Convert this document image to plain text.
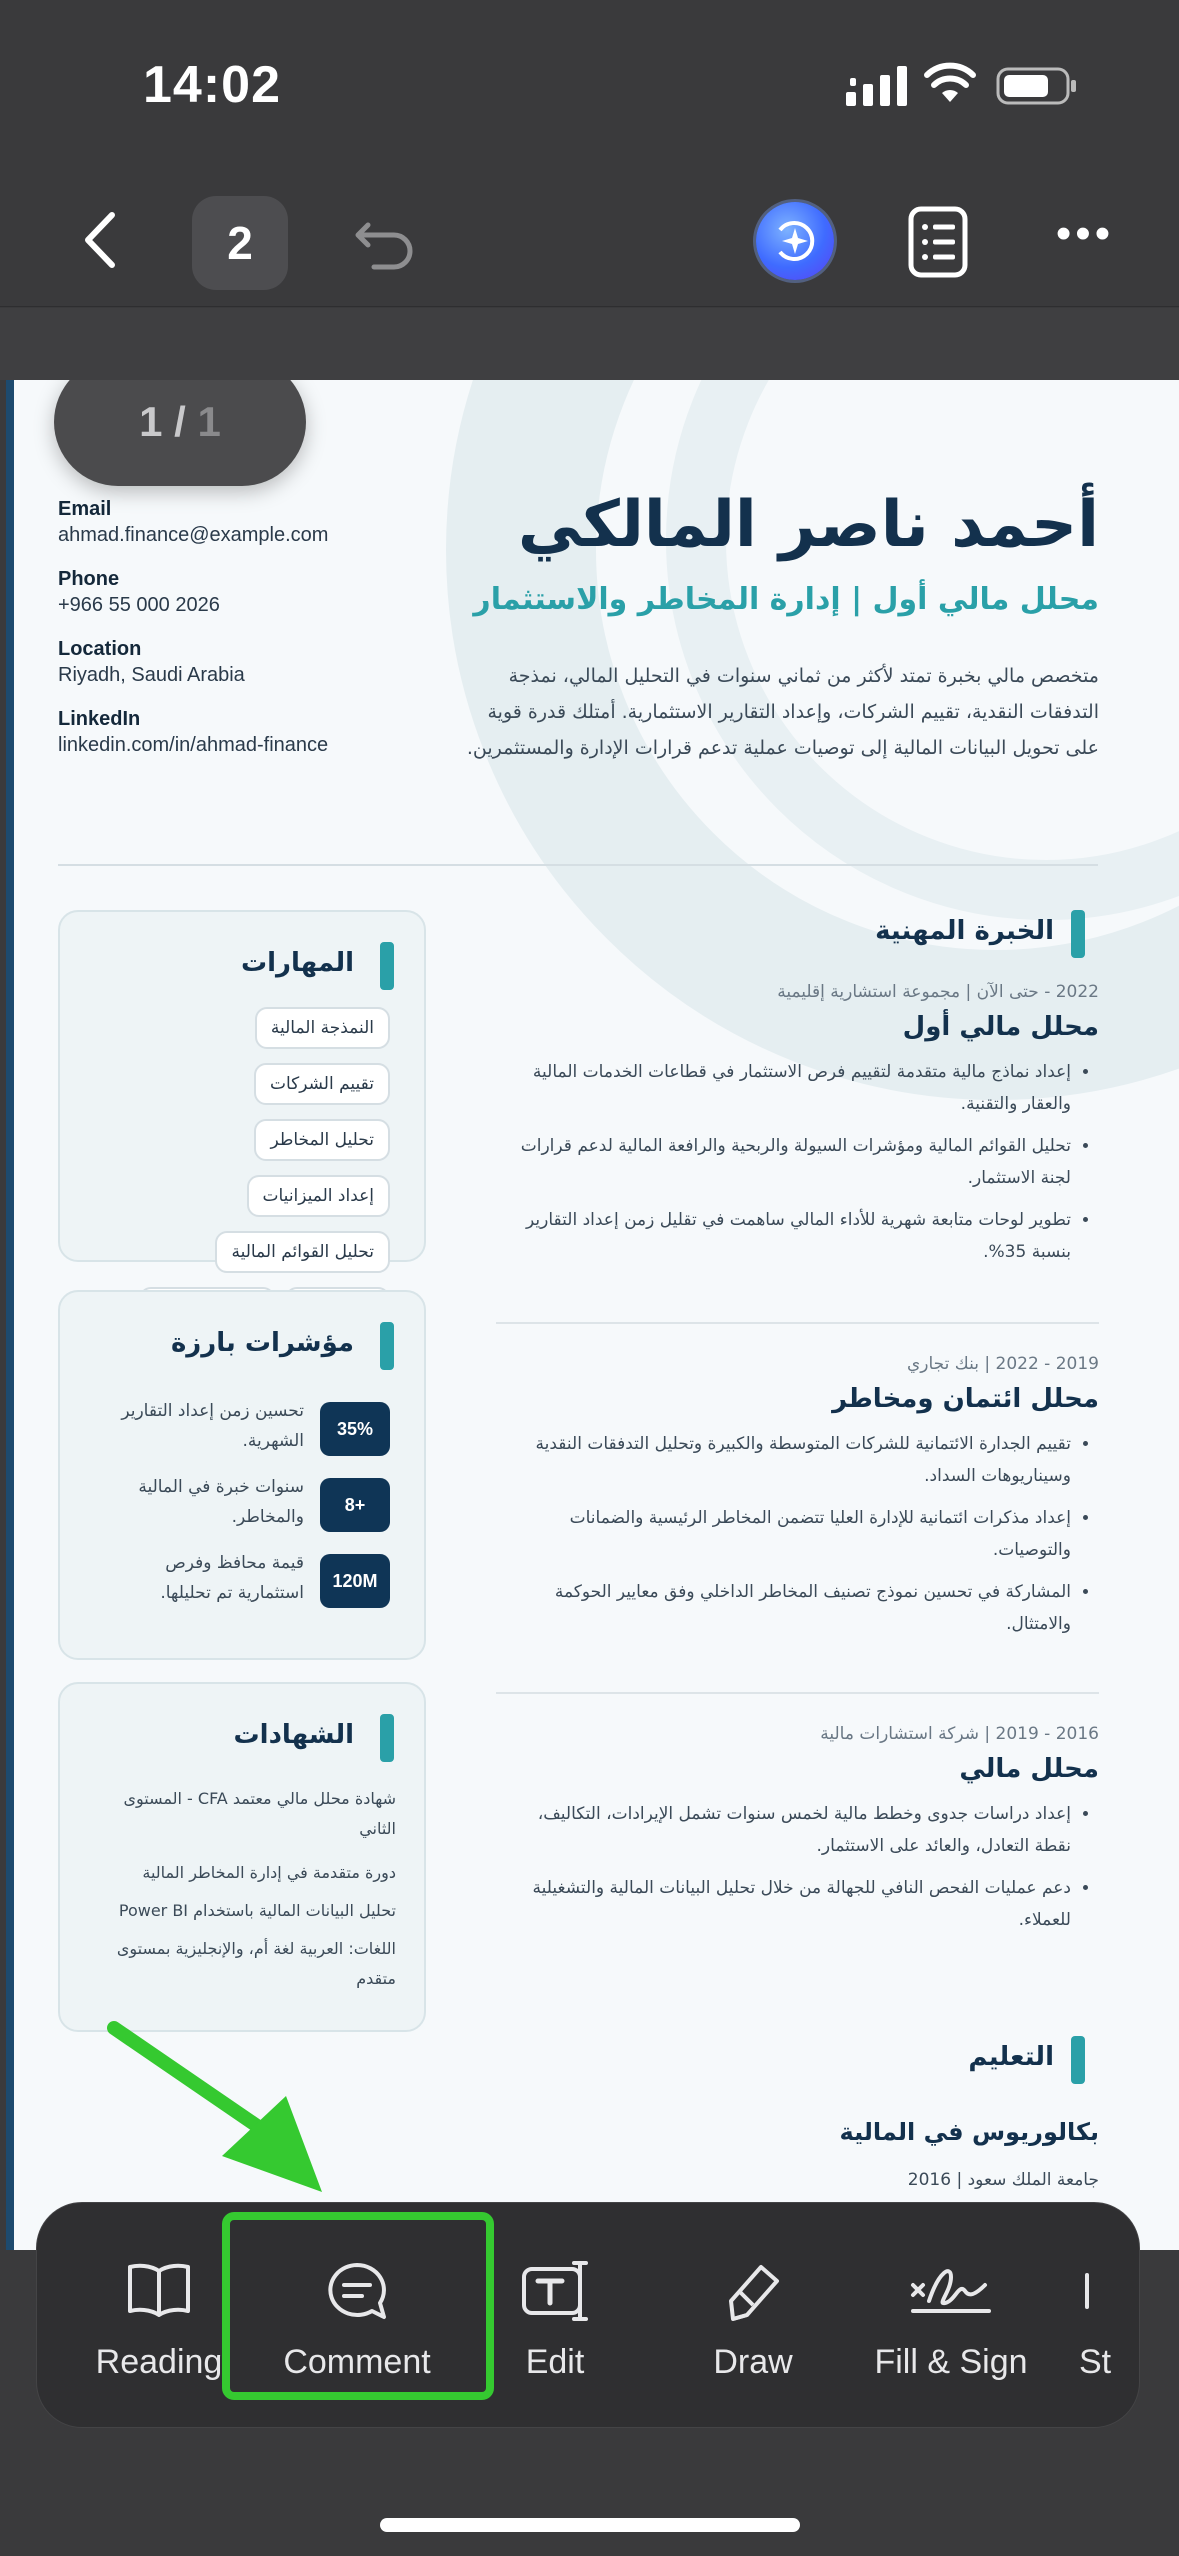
14:02
2	•••
Email
ahmad.finance@example.com
Phone
+966 55 000 2026
Location
Riyadh, Saudi Arabia
LinkedIn
linkedin.com/in/ahmad-finance
أحمد ناصر المالكي
محلل مالي أول | إدارة المخاطر والاستثمار
متخصص مالي بخبرة تمتد لأكثر من ثماني سنوات في التحليل المالي، نمذجة التدفقات النقدية، تقييم الشركات، وإعداد التقارير الاستثمارية. أمتلك قدرة قوية على تحويل البيانات المالية إلى توصيات عملية تدعم قرارات الإدارة والمستثمرين.
الخبرة المهنية
2022 - حتى الآن | مجموعة استشارية إقليمية
محلل مالي أول
• إعداد نماذج مالية متقدمة لتقييم فرص الاستثمار في قطاعات الخدمات المالية والعقار والتقنية.
• تحليل القوائم المالية ومؤشرات السيولة والربحية والرافعة المالية لدعم قرارات لجنة الاستثمار.
• تطوير لوحات متابعة شهرية للأداء المالي ساهمت في تقليل زمن إعداد التقارير بنسبة 35%.
2019 - 2022 | بنك تجاري
محلل ائتمان ومخاطر
• تقييم الجدارة الائتمانية للشركات المتوسطة والكبيرة وتحليل التدفقات النقدية وسيناريوهات السداد.
• إعداد مذكرات ائتمانية للإدارة العليا تتضمن المخاطر الرئيسية والضمانات والتوصيات.
• المشاركة في تحسين نموذج تصنيف المخاطر الداخلي وفق معايير الحوكمة والامتثال.
2016 - 2019 | شركة استشارات مالية
محلل مالي
• إعداد دراسات جدوى وخطط مالية لخمس سنوات تشمل الإيرادات، التكاليف، نقطة التعادل، والعائد على الاستثمار.
• دعم عمليات الفحص النافي للجهالة من خلال تحليل البيانات المالية والتشغيلية للعملاء.
التعليم
بكالوريوس في المالية
جامعة الملك سعود | 2016
المهارات
النمذجة المالية
تقييم الشركات
تحليل المخاطر
إعداد الميزانيات
تحليل القوائم المالية
مؤشرات بارزة
35%
تحسين زمن إعداد التقارير الشهرية.
8+
سنوات خبرة في المالية والمخاطر.
120M
قيمة محافظ وفرص استثمارية تم تحليلها.
الشهادات
شهادة محلل مالي معتمد CFA - المستوى الثاني
دورة متقدمة في إدارة المخاطر المالية
تحليل البيانات المالية باستخدام Power BI
اللغات: العربية لغة أم، والإنجليزية بمستوى متقدم
1 / 1
Reading	Comment	Edit	Draw	Fill & Sign	St
